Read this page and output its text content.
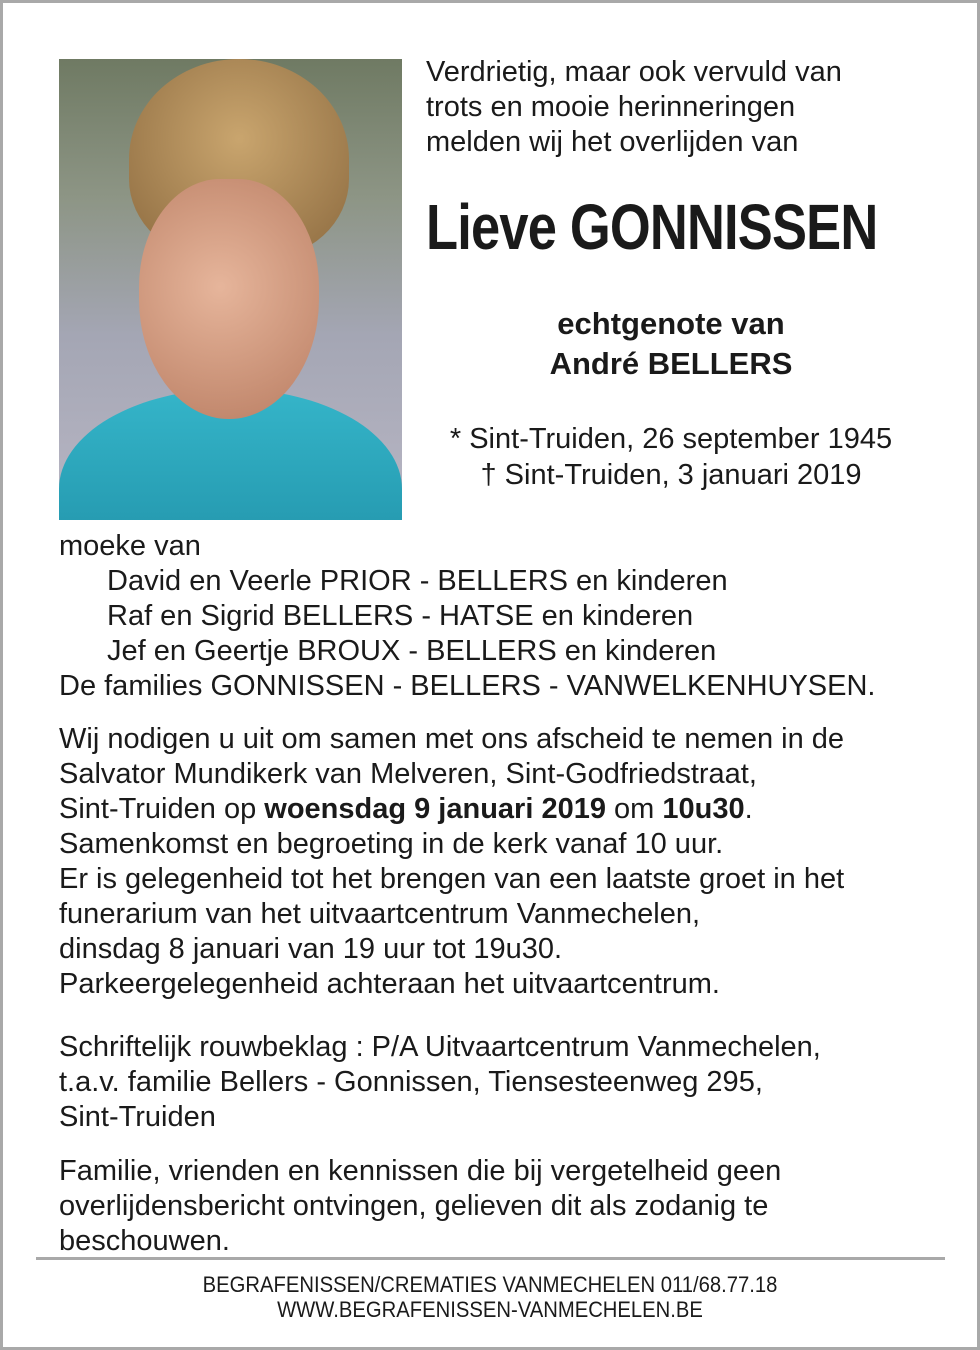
Verdrietig, maar ook vervuld van
trots en mooie herinneringen
melden wij het overlijden van
Lieve GONNISSEN
echtgenote van
André BELLERS
* Sint-Truiden, 26 september 1945
† Sint-Truiden, 3 januari 2019
moeke van
David en Veerle PRIOR - BELLERS en kinderen
Raf en Sigrid BELLERS - HATSE en kinderen
Jef en Geertje BROUX - BELLERS en kinderen
De families GONNISSEN - BELLERS - VANWELKENHUYSEN.
Wij nodigen u uit om samen met ons afscheid te nemen in de
Salvator Mundikerk van Melveren, Sint-Godfriedstraat,
Sint-Truiden op woensdag 9 januari 2019 om 10u30.
Samenkomst en begroeting in de kerk vanaf 10 uur.
Er is gelegenheid tot het brengen van een laatste groet in het
funerarium van het uitvaartcentrum Vanmechelen,
dinsdag 8 januari van 19 uur tot 19u30.
Parkeergelegenheid achteraan het uitvaartcentrum.
Schriftelijk rouwbeklag : P/A Uitvaartcentrum Vanmechelen,
t.a.v. familie Bellers - Gonnissen, Tiensesteenweg 295,
Sint-Truiden
Familie, vrienden en kennissen die bij vergetelheid geen
overlijdensbericht ontvingen, gelieven dit als zodanig te
beschouwen.
BEGRAFENISSEN/CREMATIES VANMECHELEN 011/68.77.18
WWW.BEGRAFENISSEN-VANMECHELEN.BE
